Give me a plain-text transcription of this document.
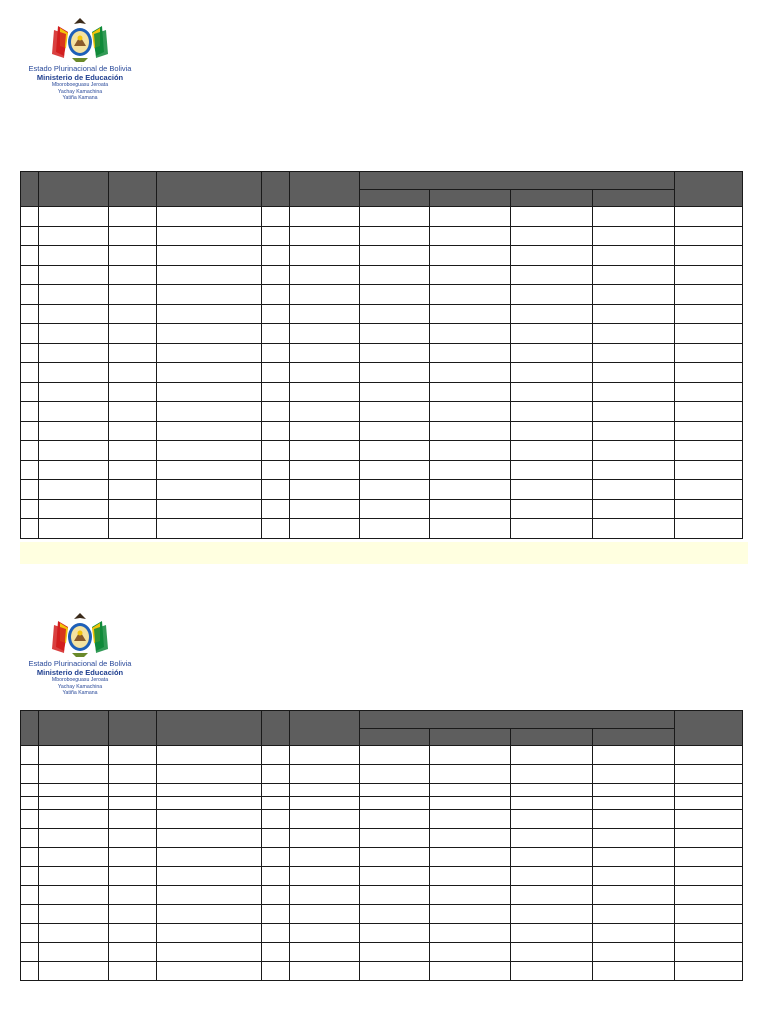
Estado Plurinacional de Bolivia
Ministerio de Educación
Mboroboeguasu Jeroata
Yachay Kamachina
Yatiña Kamana

Estado Plurinacional de Bolivia
Ministerio de Educación
Mboroboeguasu Jeroata
Yachay Kamachina
Yatiña Kamana
